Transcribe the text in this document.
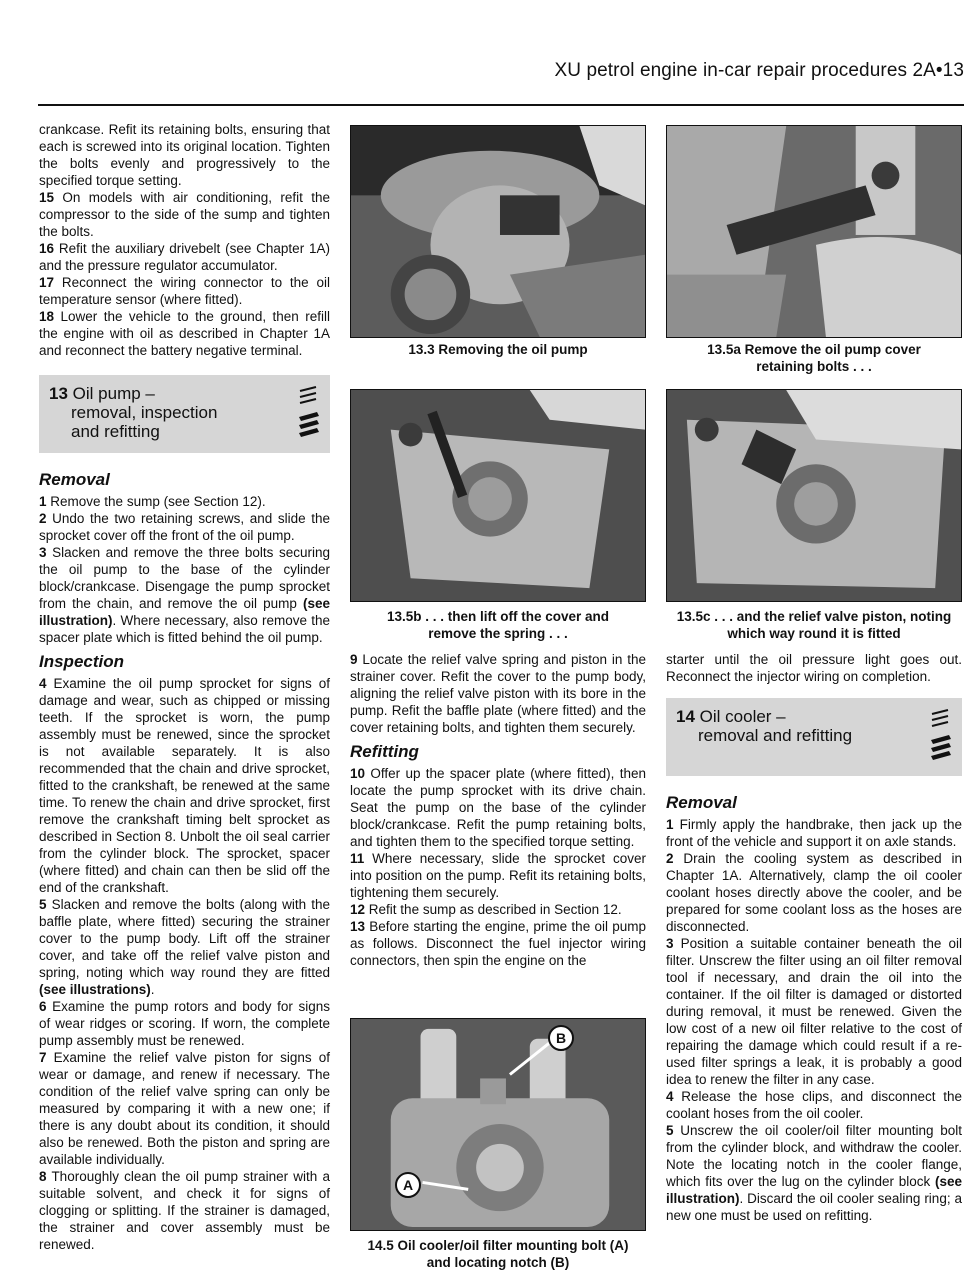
XU petrol engine in-car repair procedures 2A•13

crankcase. Refit its retaining bolts, ensuring that each is screwed into its original location. Tighten the bolts evenly and progressively to the specified torque setting.

15 On models with air conditioning, refit the compressor to the side of the sump and tighten the bolts.

16 Refit the auxiliary drivebelt (see Chapter 1A) and the pressure regulator accumulator.

17 Reconnect the wiring connector to the oil temperature sensor (where fitted).

18 Lower the vehicle to the ground, then refill the engine with oil as described in Chapter 1A and reconnect the battery negative terminal.

13 Oil pump –
removal, inspection
and refitting
Removal

1 Remove the sump (see Section 12).

2 Undo the two retaining screws, and slide the sprocket cover off the front of the oil pump.

3 Slacken and remove the three bolts securing the oil pump to the base of the cylinder block/crankcase. Disengage the pump sprocket from the chain, and remove the oil pump (see illustration). Where necessary, also remove the spacer plate which is fitted behind the oil pump.

Inspection

4 Examine the oil pump sprocket for signs of damage and wear, such as chipped or missing teeth. If the sprocket is worn, the pump assembly must be renewed, since the sprocket is not available separately. It is also recommended that the chain and drive sprocket, fitted to the crankshaft, be renewed at the same time. To renew the chain and drive sprocket, first remove the crankshaft timing belt sprocket as described in Section 8. Unbolt the oil seal carrier from the cylinder block. The sprocket, spacer (where fitted) and chain can then be slid off the end of the crankshaft.

5 Slacken and remove the bolts (along with the baffle plate, where fitted) securing the strainer cover to the pump body. Lift off the strainer cover, and take off the relief valve piston and spring, noting which way round they are fitted (see illustrations).

6 Examine the pump rotors and body for signs of wear ridges or scoring. If worn, the complete pump assembly must be renewed.

7 Examine the relief valve piston for signs of wear or damage, and renew if necessary. The condition of the relief valve spring can only be measured by comparing it with a new one; if there is any doubt about its condition, it should also be renewed. Both the piston and spring are available individually.

8 Thoroughly clean the oil pump strainer with a suitable solvent, and check it for signs of clogging or splitting. If the strainer is damaged, the strainer and cover assembly must be renewed.

13.3 Removing the oil pump	13.5a Remove the oil pump cover
retaining bolts . . .
13.5b . . . then lift off the cover and
remove the spring . . .
13.5c . . . and the relief valve piston, noting
which way round it is fitted

9 Locate the relief valve spring and piston in the strainer cover. Refit the cover to the pump body, aligning the relief valve piston with its bore in the pump. Refit the baffle plate (where fitted) and the cover retaining bolts, and tighten them securely.

Refitting

10 Offer up the spacer plate (where fitted), then locate the pump sprocket with its drive chain. Seat the pump on the base of the cylinder block/crankcase. Refit the pump retaining bolts, and tighten them to the specified torque setting.

11 Where necessary, slide the sprocket cover into position on the pump. Refit its retaining bolts, tightening them securely.

12 Refit the sump as described in Section 12.

13 Before starting the engine, prime the oil pump as follows. Disconnect the fuel injector wiring connectors, then spin the engine on the

A
B
14.5 Oil cooler/oil filter mounting bolt (A)
and locating notch (B)

starter until the oil pressure light goes out. Reconnect the injector wiring on completion.

14 Oil cooler –
removal and refitting
Removal

1 Firmly apply the handbrake, then jack up the front of the vehicle and support it on axle stands.

2 Drain the cooling system as described in Chapter 1A. Alternatively, clamp the oil cooler coolant hoses directly above the cooler, and be prepared for some coolant loss as the hoses are disconnected.

3 Position a suitable container beneath the oil filter. Unscrew the filter using an oil filter removal tool if necessary, and drain the oil into the container. If the oil filter is damaged or distorted during removal, it must be renewed. Given the low cost of a new oil filter relative to the cost of repairing the damage which could result if a re-used filter springs a leak, it is probably a good idea to renew the filter in any case.

4 Release the hose clips, and disconnect the coolant hoses from the oil cooler.

5 Unscrew the oil cooler/oil filter mounting bolt from the cylinder block, and withdraw the cooler. Note the locating notch in the cooler flange, which fits over the lug on the cylinder block (see illustration). Discard the oil cooler sealing ring; a new one must be used on refitting.
